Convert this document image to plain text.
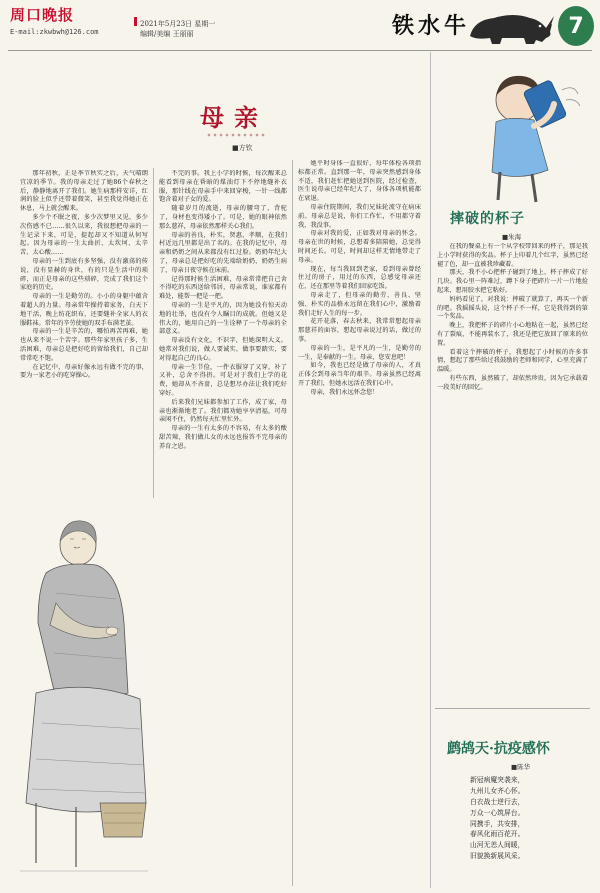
周口晚报
E-mail:zkwbwh@126.com
2021年5月23日 星期一
编辑/美编 王丽丽	铁水牛	7
母亲
■方钦

那年初秋，正是季节秋实之后，天气晴朗宜凉的季节。我的母亲走过了她86个春秋之后，静静地离开了我们。她生病那样安详，红润的脸上似乎还带着微笑，甚至我觉得她正在休息，马上就会醒来。

多少个不眠之夜，多少次梦里又见，多少次伤感不已……很久以来，我很想把母亲的一生记录下来，可是，提起却又不知道从何写起。因为母亲的一生太曲折、太坎坷、太辛苦、太心酸……

母亲的一生到底有多坚强，没有激荡的传说，没有显赫的身世，有的只是生活中的琐碎，而正是母亲的这些琐碎，完成了我们这个家庭的历史。

母亲的一生是勤劳的。小小的身躯中蕴含着超人的力量。母亲常年操持着家务，白天下地干活，晚上纺花织布，还要缝补全家人的衣服鞋袜。常年的辛劳使她的双手布满老茧。

母亲的一生是辛苦的，哪怕再苦再难，她也从来不说一个苦字。那些年家里孩子多，生活困难，母亲总是把好吃的留给我们，自己却常常吃不饱。

在记忆中，母亲好像永远有做不完的事，要为一家老小的吃穿操心。

不完的事。我上小学的时候，每次醒来总能看到母亲在昏暗的煤油灯下不停地缝补衣服，那针线在母亲手中来回穿梭，一针一线都饱含着对子女的爱。

随着岁月的流逝，母亲的腰弯了，背驼了，身材也变得矮小了。可是，她的眼神依然那么慈祥，母亲依然那样关心我们。

母亲的善良，朴实，贤惠，孝顺，在我们村近远几里都是出了名的。在我的记忆中，母亲和奶奶之间从来都没有红过脸。奶奶年纪大了，母亲总是把好吃的先端给奶奶，奶奶生病了，母亲日夜守候在床前。

记得那时候生活困难，母亲常常把自己舍不得吃的东西送给邻居，母亲常说，谁家都有难处，能帮一把是一把。

母亲的一生是平凡的，因为她没有惊天动地的壮举，也没有令人瞩目的成就。但她又是伟大的，她用自己的一生诠释了一个母亲的全部意义。

母亲没有文化，不识字，但她深明大义。她常对我们说，做人要诚实，做事要踏实，要对得起自己的良心。

母亲一生节俭，一件衣服穿了又穿，补了又补，总舍不得扔。可是对于我们上学的花费，她却从不吝啬，总是想尽办法让我们吃好穿好。

后来我们兄妹都参加了工作，成了家，母亲也渐渐地老了。我们都劝她享享清福，可母亲闲不住，仍然每天忙里忙外。

母亲的一生有太多的不容易，有太多的酸甜苦辣，我们做儿女的永远也报答不完母亲的养育之恩。

她平时身体一直很好，每年体检各项指标都正常。直到那一年，母亲突然感到身体不适，我们赶忙把她送到医院，经过检查，医生说母亲已经年纪大了，身体各项机能都在衰退。

母亲住院期间，我们兄妹轮流守在病床前。母亲总是说，你们工作忙，不用都守着我，我没事。

母亲对我的爱，正如我对母亲的怀念。母亲在世的时候，总想着多陪陪她，总觉得时间还长。可是，时间却这样无情地带走了母亲。

现在，每当我回到老家，看到母亲曾经住过的房子，用过的东西，总感觉母亲还在，还在那里等着我们回家吃饭。

母亲走了，但母亲的勤劳、善良、坚强、朴实的品格永远留在我们心中，激励着我们走好人生的每一步。

花开花落，春去秋来，我常常想起母亲那慈祥的面容，想起母亲说过的话，做过的事。

母亲的一生，是平凡的一生，是勤劳的一生，是奉献的一生。母亲，您安息吧！

如今，我也已经是做了母亲的人，才真正体会到母亲当年的艰辛。母亲虽然已经离开了我们，但她永远活在我们心中。

母亲，我们永远怀念您！

摔破的杯子
■朱海

在我的餐桌上有一个从学校带回来的杯子，那是我上小学时获得的奖品。杯子上印着几个红字，虽然已经褪了色，却一直被我珍藏着。

那天，我不小心把杯子碰到了地上，杯子摔成了好几块。我心里一阵难过，蹲下身子把碎片一片一片地捡起来，想用胶水把它粘好。

妈妈看见了，对我说：摔破了就算了，再买一个新的吧。我摇摇头说，这个杯子不一样，它是我得到的第一个奖品。

晚上，我把杯子的碎片小心地粘在一起，虽然已经有了裂痕，不能再装水了，我还是把它放回了原来的位置。

看着这个摔破的杯子，我想起了小时候的许多事情，想起了那些给过我鼓励的老师和同学，心里充满了温暖。

有些东西，虽然破了，却依然珍贵，因为它承载着一段美好的回忆。

鹧鸪天·抗疫感怀
■陈华
新冠病魔突袭来，
九州儿女齐心怀。
白衣战士逆行去，
万众一心筑屏台。
同携手，共安排，
春风化雨百花开。
山河无恙人间暖，
旧貌换新展风采。
